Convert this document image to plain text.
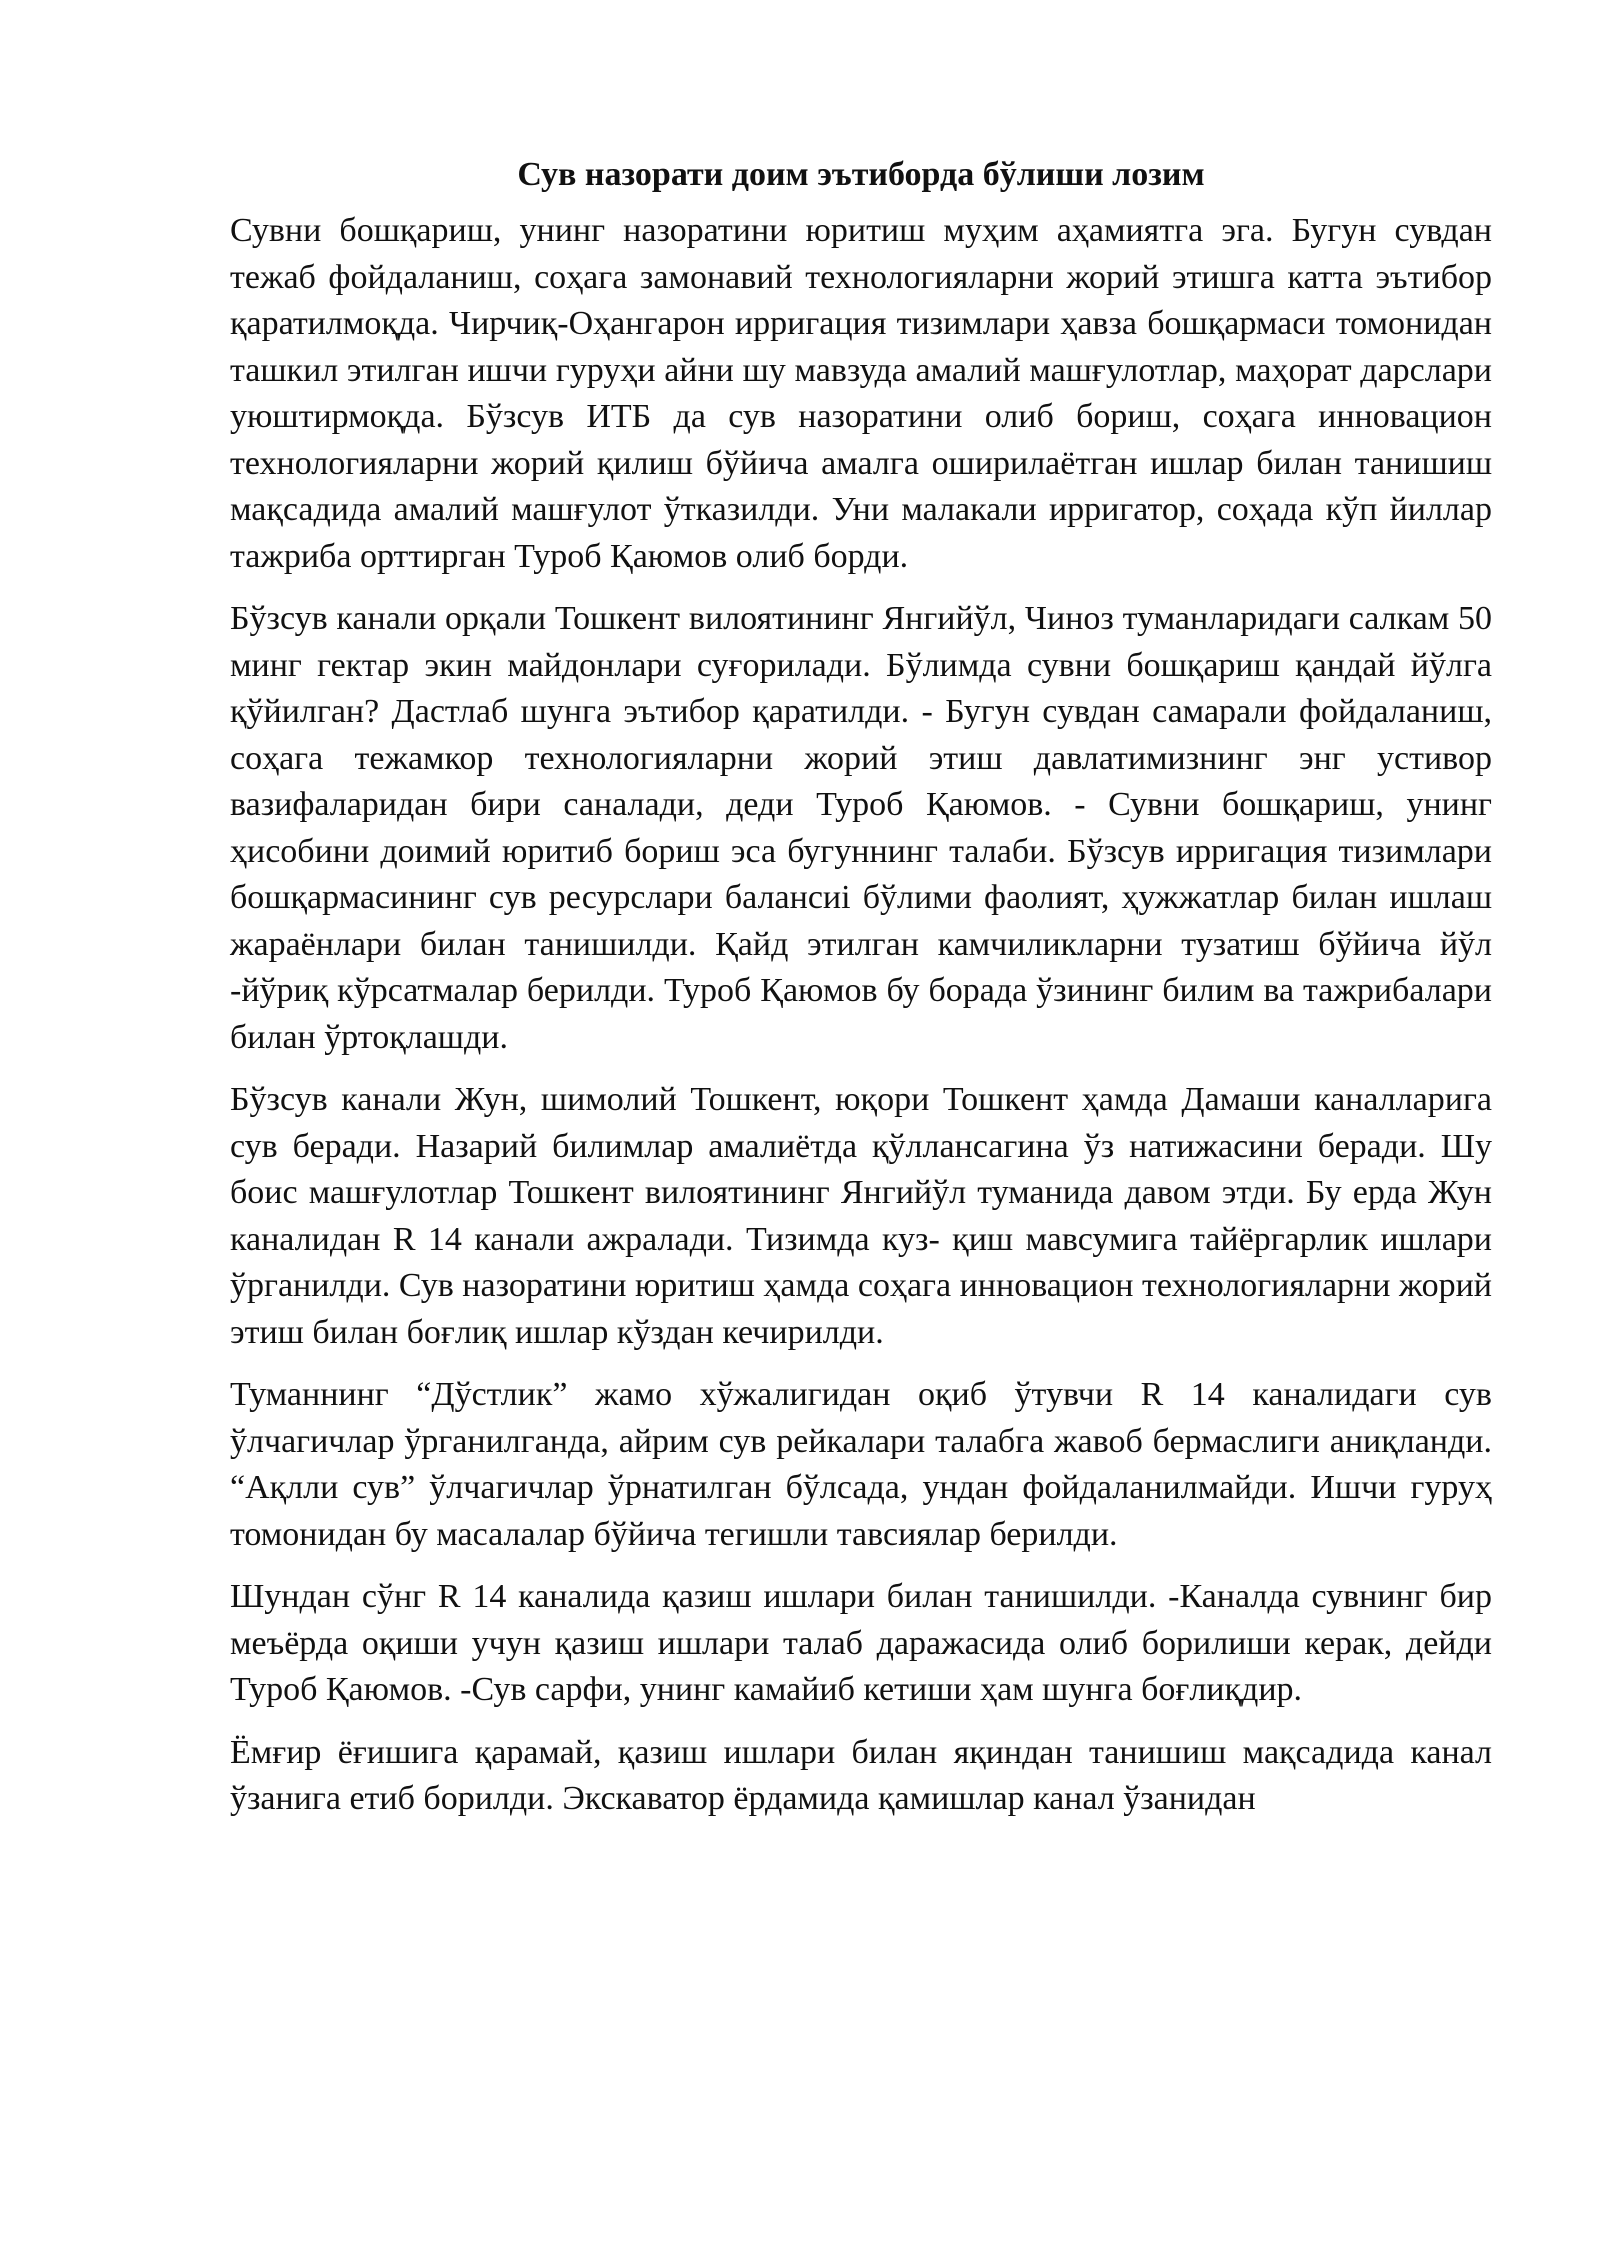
Сув назорати доим эътиборда бўлиши лозим

Сувни бошқариш, унинг назоратини юритиш муҳим аҳамиятга эга. Бугун сувдан тежаб фойдаланиш, соҳага замонавий технологияларни жорий этишга катта эътибор қаратилмоқда. Чирчиқ-Оҳангарон ирригация тизимлари ҳавза бошқармаси томонидан ташкил этилган ишчи гуруҳи айни шу мавзуда амалий машғулотлар, маҳорат дарслари уюштирмоқда. Бўзсув ИТБ да сув назоратини олиб бориш, соҳага инновацион технологияларни жорий қилиш бўйича амалга оширилаётган ишлар билан танишиш мақсадида амалий машғулот ўтказилди. Уни малакали ирригатор, соҳада кўп йиллар тажриба орттирган Туроб Қаюмов олиб борди.

Бўзсув канали орқали Тошкент вилоятининг Янгийўл, Чиноз туманларидаги салкам 50 минг гектар экин майдонлари суғорилади. Бўлимда сувни бошқариш қандай йўлга қўйилган? Дастлаб шунга эътибор қаратилди. - Бугун сувдан самарали фойдаланиш, соҳага тежамкор технологияларни жорий этиш давлатимизнинг энг устивор вазифаларидан бири саналади, деди Туроб Қаюмов. - Сувни бошқариш, унинг ҳисобини доимий юритиб бориш эса бугуннинг талаби. Бўзсув ирригация тизимлари бошқармасининг сув ресурслари балансиi бўлими фаолият, ҳужжатлар билан ишлаш жараёнлари билан танишилди. Қайд этилган камчиликларни тузатиш бўйича йўл -йўриқ кўрсатмалар берилди. Туроб Қаюмов бу борада ўзининг билим ва тажрибалари билан ўртоқлашди.

Бўзсув канали Жун, шимолий Тошкент, юқори Тошкент ҳамда Дамаши каналларига сув беради. Назарий билимлар амалиётда қўллансагина ўз натижасини беради. Шу боис машғулотлар Тошкент вилоятининг Янгийўл туманида давом этди. Бу ерда Жун каналидан R 14 канали ажралади. Тизимда куз- қиш мавсумига тайёргарлик ишлари ўрганилди. Сув назоратини юритиш ҳамда соҳага инновацион технологияларни жорий этиш билан боғлиқ ишлар кўздан кечирилди.

Туманнинг “Дўстлик” жамо хўжалигидан оқиб ўтувчи R 14 каналидаги сув ўлчагичлар ўрганилганда, айрим сув рейкалари талабга жавоб бермаслиги аниқланди. “Ақлли сув” ўлчагичлар ўрнатилган бўлсада, ундан фойдаланилмайди. Ишчи гуруҳ томонидан бу масалалар бўйича тегишли тавсиялар берилди.

Шундан сўнг R 14 каналида қазиш ишлари билан танишилди. -Каналда сувнинг бир меъёрда оқиши учун қазиш ишлари талаб даражасида олиб борилиши керак, дейди Туроб Қаюмов. -Сув сарфи, унинг камайиб кетиши ҳам шунга боғлиқдир.

Ёмғир ёғишига қарамай, қазиш ишлари билан яқиндан танишиш мақсадида канал ўзанига етиб борилди. Экскаватор ёрдамида қамишлар канал ўзанидан
